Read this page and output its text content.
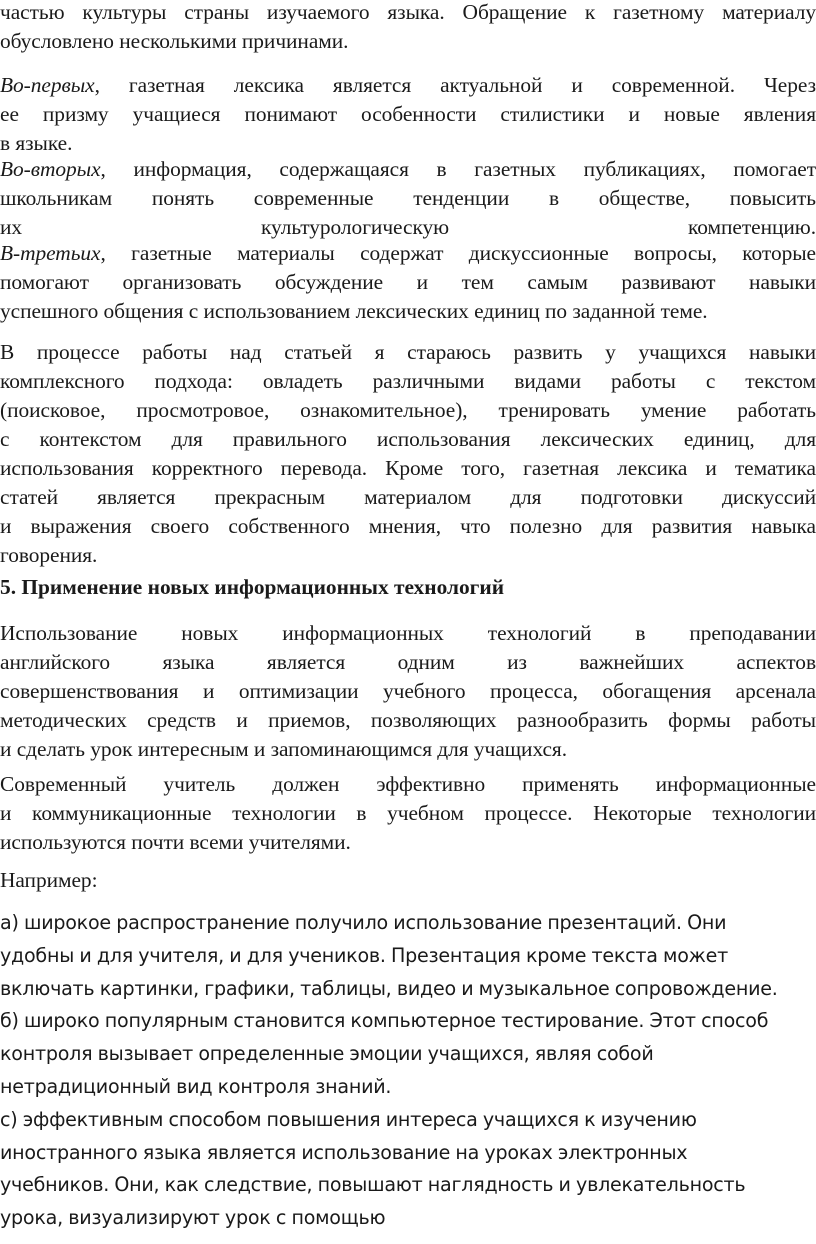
частью культуры страны изучаемого языка. Обращение к газетному материалу
обусловлено несколькими причинами.
Во-первых, газетная лексика является актуальной и современной. Через
ее призму учащиеся понимают особенности стилистики и новые явления
в языке.
Во-вторых, информация, содержащаяся в газетных публикациях, помогает
школьникам понять современные тенденции в обществе, повысить
их культурологическую компетенцию.
В-третьих, газетные материалы содержат дискуссионные вопросы, которые
помогают организовать обсуждение и тем самым развивают навыки
успешного общения с использованием лексических единиц по заданной теме.
В процессе работы над статьей я стараюсь развить у учащихся навыки
комплексного подхода: овладеть различными видами работы с текстом
(поисковое, просмотровое, ознакомительное), тренировать умение работать
с контекстом для правильного использования лексических единиц, для
использования корректного перевода. Кроме того, газетная лексика и тематика
статей является прекрасным материалом для подготовки дискуссий
и выражения своего собственного мнения, что полезно для развития навыка
говорения.
5. Применение новых информационных технологий
Использование новых информационных технологий в преподавании
английского языка является одним из важнейших аспектов
совершенствования и оптимизации учебного процесса, обогащения арсенала
методических средств и приемов, позволяющих разнообразить формы работы
и сделать урок интересным и запоминающимся для учащихся.
Современный учитель должен эффективно применять информационные
и коммуникационные технологии в учебном процессе. Некоторые технологии
используются почти всеми учителями.
Например:
а) широкое распространение получило использование презентаций. Они
удобны и для учителя, и для учеников. Презентация кроме текста может
включать картинки, графики, таблицы, видео и музыкальное сопровождение.
б) широко популярным становится компьютерное тестирование. Этот способ
контроля вызывает определенные эмоции учащихся, являя собой
нетрадиционный вид контроля знаний.
с) эффективным способом повышения интереса учащихся к изучению
иностранного языка является использование на уроках электронных
учебников. Они, как следствие, повышают наглядность и увлекательность
урока, визуализируют урок с помощью
